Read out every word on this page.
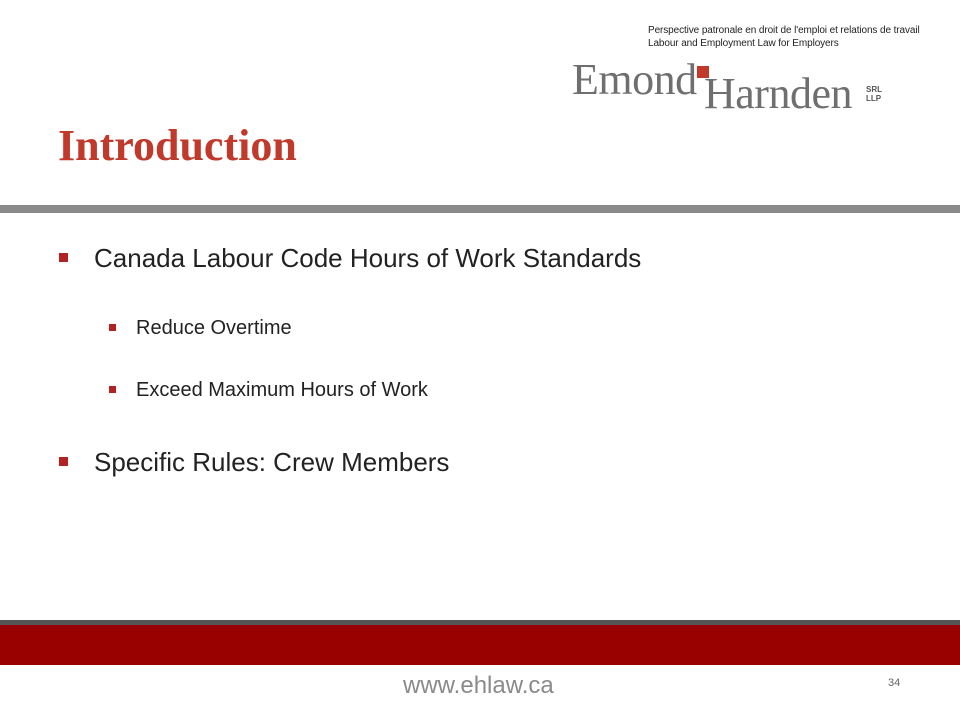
Perspective patronale en droit de l'emploi et relations de travail
Labour and Employment Law for Employers
Emond Harnden SRL
LLP
Introduction
Canada Labour Code Hours of Work Standards
Reduce Overtime
Exceed Maximum Hours of Work
Specific Rules: Crew Members
www.ehlaw.ca	34
